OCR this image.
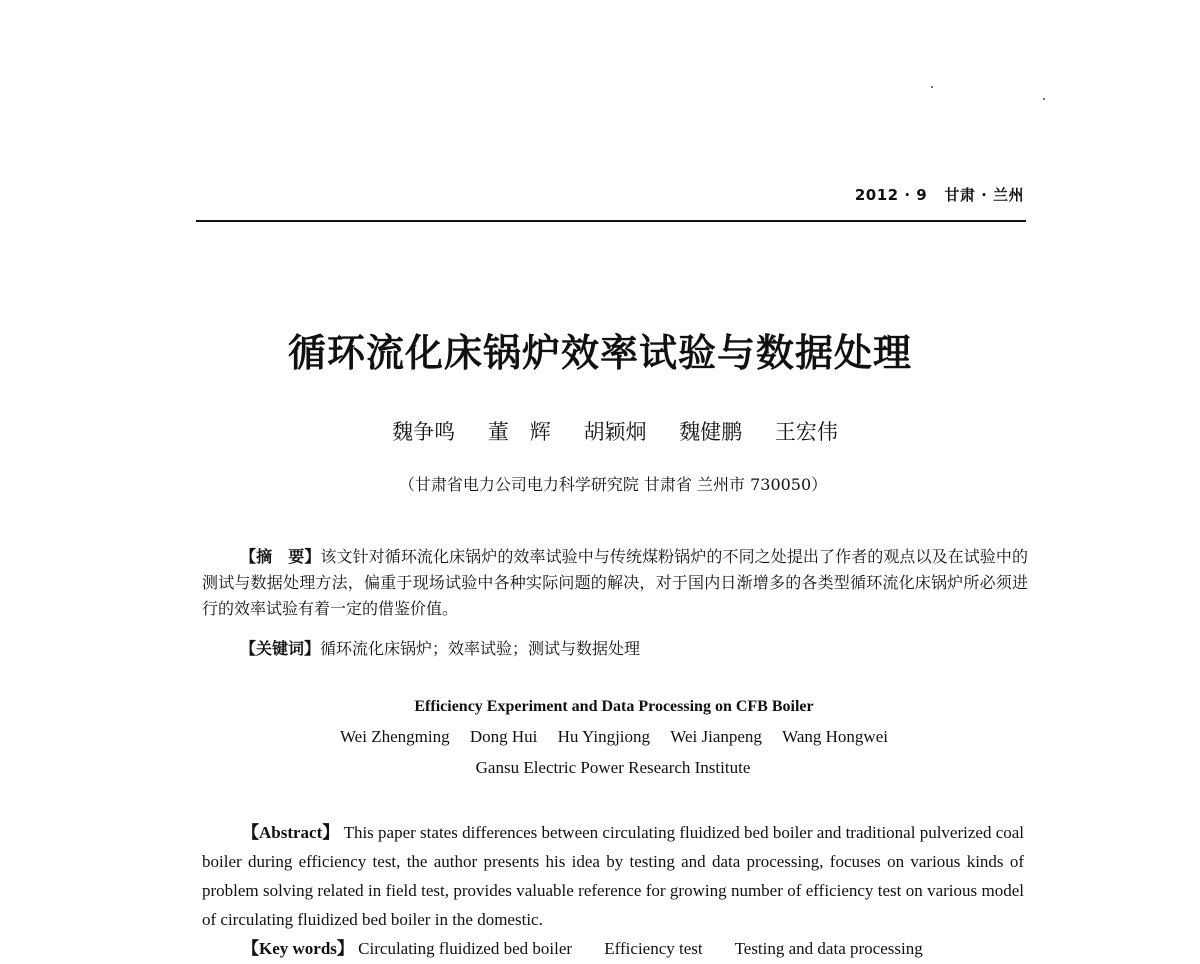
2012 · 9 甘肃 · 兰州
循环流化床锅炉效率试验与数据处理
魏争鸣 董　辉 胡颖炯 魏健鹏 王宏伟
（甘肃省电力公司电力科学研究院 甘肃省 兰州市 730050）
【摘　要】该文针对循环流化床锅炉的效率试验中与传统煤粉锅炉的不同之处提出了作者的观点以及在试验中的测试与数据处理方法，偏重于现场试验中各种实际问题的解决，对于国内日渐增多的各类型循环流化床锅炉所必须进行的效率试验有着一定的借鉴价值。
【关键词】循环流化床锅炉；效率试验；测试与数据处理
Efficiency Experiment and Data Processing on CFB Boiler
Wei Zhengming Dong Hui Hu Yingjiong Wei Jianpeng Wang Hongwei
Gansu Electric Power Research Institute
【Abstract】 This paper states differences between circulating fluidized bed boiler and traditional pulverized coal boiler during efficiency test, the author presents his idea by testing and data processing, focuses on various kinds of problem solving related in field test, provides valuable reference for growing number of efficiency test on various model of circulating fluidized bed boiler in the domestic.
【Key words】 Circulating fluidized bed boiler Efficiency test Testing and data processing
